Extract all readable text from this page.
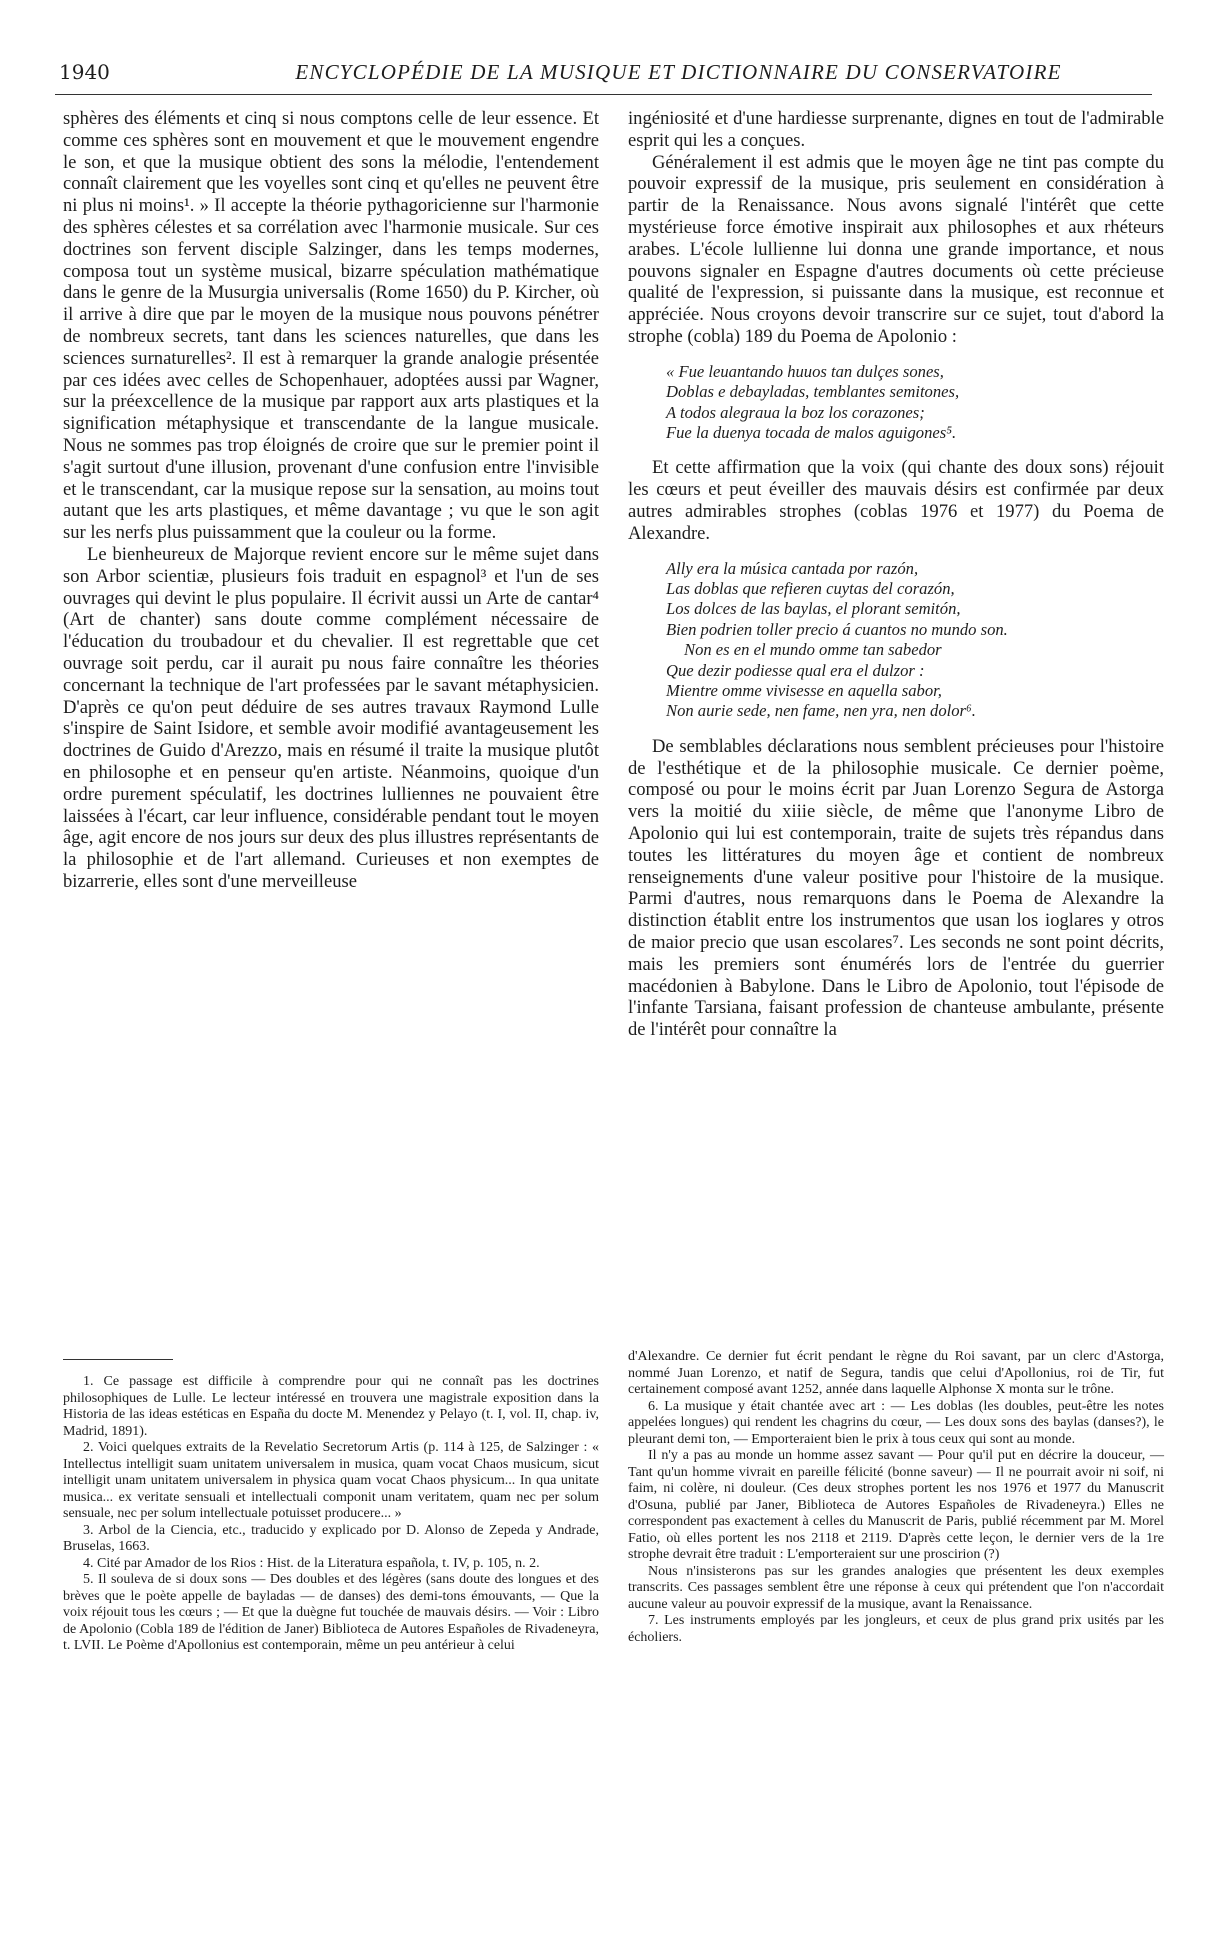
1940	ENCYCLOPÉDIE DE LA MUSIQUE ET DICTIONNAIRE DU CONSERVATOIRE

sphères des éléments et cinq si nous comptons celle de leur essence. Et comme ces sphères sont en mouvement et que le mouvement engendre le son, et que la musique obtient des sons la mélodie, l'entendement connaît clairement que les voyelles sont cinq et qu'elles ne peuvent être ni plus ni moins¹. » Il accepte la théorie pythagoricienne sur l'harmonie des sphères célestes et sa corrélation avec l'harmonie musicale. Sur ces doctrines son fervent disciple Salzinger, dans les temps modernes, composa tout un système musical, bizarre spéculation mathématique dans le genre de la Musurgia universalis (Rome 1650) du P. Kircher, où il arrive à dire que par le moyen de la musique nous pouvons pénétrer de nombreux secrets, tant dans les sciences naturelles, que dans les sciences surnaturelles². Il est à remarquer la grande analogie présentée par ces idées avec celles de Schopenhauer, adoptées aussi par Wagner, sur la préexcellence de la musique par rapport aux arts plastiques et la signification métaphysique et transcendante de la langue musicale. Nous ne sommes pas trop éloignés de croire que sur le premier point il s'agit surtout d'une illusion, provenant d'une confusion entre l'invisible et le transcendant, car la musique repose sur la sensation, au moins tout autant que les arts plastiques, et même davantage ; vu que le son agit sur les nerfs plus puissamment que la couleur ou la forme.

Le bienheureux de Majorque revient encore sur le même sujet dans son Arbor scientiæ, plusieurs fois traduit en espagnol³ et l'un de ses ouvrages qui devint le plus populaire. Il écrivit aussi un Arte de cantar⁴ (Art de chanter) sans doute comme complément nécessaire de l'éducation du troubadour et du chevalier. Il est regrettable que cet ouvrage soit perdu, car il aurait pu nous faire connaître les théories concernant la technique de l'art professées par le savant métaphysicien. D'après ce qu'on peut déduire de ses autres travaux Raymond Lulle s'inspire de Saint Isidore, et semble avoir modifié avantageusement les doctrines de Guido d'Arezzo, mais en résumé il traite la musique plutôt en philosophe et en penseur qu'en artiste. Néanmoins, quoique d'un ordre purement spéculatif, les doctrines lulliennes ne pouvaient être laissées à l'écart, car leur influence, considérable pendant tout le moyen âge, agit encore de nos jours sur deux des plus illustres représentants de la philosophie et de l'art allemand. Curieuses et non exemptes de bizarrerie, elles sont d'une merveilleuse

ingéniosité et d'une hardiesse surprenante, dignes en tout de l'admirable esprit qui les a conçues.

Généralement il est admis que le moyen âge ne tint pas compte du pouvoir expressif de la musique, pris seulement en considération à partir de la Renaissance. Nous avons signalé l'intérêt que cette mystérieuse force émotive inspirait aux philosophes et aux rhéteurs arabes. L'école lullienne lui donna une grande importance, et nous pouvons signaler en Espagne d'autres documents où cette précieuse qualité de l'expression, si puissante dans la musique, est reconnue et appréciée. Nous croyons devoir transcrire sur ce sujet, tout d'abord la strophe (cobla) 189 du Poema de Apolonio :

« Fue leuantando huuos tan dulçes sones,
Doblas e debayladas, temblantes semitones,
A todos alegraua la boz los corazones;
Fue la duenya tocada de malos aguigones⁵.

Et cette affirmation que la voix (qui chante des doux sons) réjouit les cœurs et peut éveiller des mauvais désirs est confirmée par deux autres admirables strophes (coblas 1976 et 1977) du Poema de Alexandre.

Ally era la música cantada por razón,
Las doblas que refieren cuytas del corazón,
Los dolces de las baylas, el plorant semitón,
Bien podrien toller precio á cuantos no mundo son.
Non es en el mundo omme tan sabedor
Que dezir podiesse qual era el dulzor :
Mientre omme vivisesse en aquella sabor,
Non aurie sede, nen fame, nen yra, nen dolor⁶.

De semblables déclarations nous semblent précieuses pour l'histoire de l'esthétique et de la philosophie musicale. Ce dernier poème, composé ou pour le moins écrit par Juan Lorenzo Segura de Astorga vers la moitié du xiiie siècle, de même que l'anonyme Libro de Apolonio qui lui est contemporain, traite de sujets très répandus dans toutes les littératures du moyen âge et contient de nombreux renseignements d'une valeur positive pour l'histoire de la musique. Parmi d'autres, nous remarquons dans le Poema de Alexandre la distinction établit entre los instrumentos que usan los ioglares y otros de maior precio que usan escolares⁷. Les seconds ne sont point décrits, mais les premiers sont énumérés lors de l'entrée du guerrier macédonien à Babylone. Dans le Libro de Apolonio, tout l'épisode de l'infante Tarsiana, faisant profession de chanteuse ambulante, présente de l'intérêt pour connaître la

1. Ce passage est difficile à comprendre pour qui ne connaît pas les doctrines philosophiques de Lulle. Le lecteur intéressé en trouvera une magistrale exposition dans la Historia de las ideas estéticas en España du docte M. Menendez y Pelayo (t. I, vol. II, chap. iv, Madrid, 1891).

2. Voici quelques extraits de la Revelatio Secretorum Artis (p. 114 à 125, de Salzinger : « Intellectus intelligit suam unitatem universalem in musica, quam vocat Chaos musicum, sicut intelligit unam unitatem universalem in physica quam vocat Chaos physicum... In qua unitate musica... ex veritate sensuali et intellectuali componit unam veritatem, quam nec per solum sensuale, nec per solum intellectuale potuisset producere... »

3. Arbol de la Ciencia, etc., traducido y explicado por D. Alonso de Zepeda y Andrade, Bruselas, 1663.

4. Cité par Amador de los Rios : Hist. de la Literatura española, t. IV, p. 105, n. 2.

5. Il souleva de si doux sons — Des doubles et des légères (sans doute des longues et des brèves que le poète appelle de bayladas — de danses) des demi-tons émouvants, — Que la voix réjouit tous les cœurs ; — Et que la duègne fut touchée de mauvais désirs. — Voir : Libro de Apolonio (Cobla 189 de l'édition de Janer) Biblioteca de Autores Españoles de Rivadeneyra, t. LVII. Le Poème d'Apollonius est contemporain, même un peu antérieur à celui

d'Alexandre. Ce dernier fut écrit pendant le règne du Roi savant, par un clerc d'Astorga, nommé Juan Lorenzo, et natif de Segura, tandis que celui d'Apollonius, roi de Tir, fut certainement composé avant 1252, année dans laquelle Alphonse X monta sur le trône.

6. La musique y était chantée avec art : — Les doblas (les doubles, peut-être les notes appelées longues) qui rendent les chagrins du cœur, — Les doux sons des baylas (danses?), le pleurant demi ton, — Emporteraient bien le prix à tous ceux qui sont au monde.

Il n'y a pas au monde un homme assez savant — Pour qu'il put en décrire la douceur, — Tant qu'un homme vivrait en pareille félicité (bonne saveur) — Il ne pourrait avoir ni soif, ni faim, ni colère, ni douleur. (Ces deux strophes portent les nos 1976 et 1977 du Manuscrit d'Osuna, publié par Janer, Biblioteca de Autores Españoles de Rivadeneyra.) Elles ne correspondent pas exactement à celles du Manuscrit de Paris, publié récemment par M. Morel Fatio, où elles portent les nos 2118 et 2119. D'après cette leçon, le dernier vers de la 1re strophe devrait être traduit : L'emporteraient sur une proscirion (?)

Nous n'insisterons pas sur les grandes analogies que présentent les deux exemples transcrits. Ces passages semblent être une réponse à ceux qui prétendent que l'on n'accordait aucune valeur au pouvoir expressif de la musique, avant la Renaissance.

7. Les instruments employés par les jongleurs, et ceux de plus grand prix usités par les écholiers.
